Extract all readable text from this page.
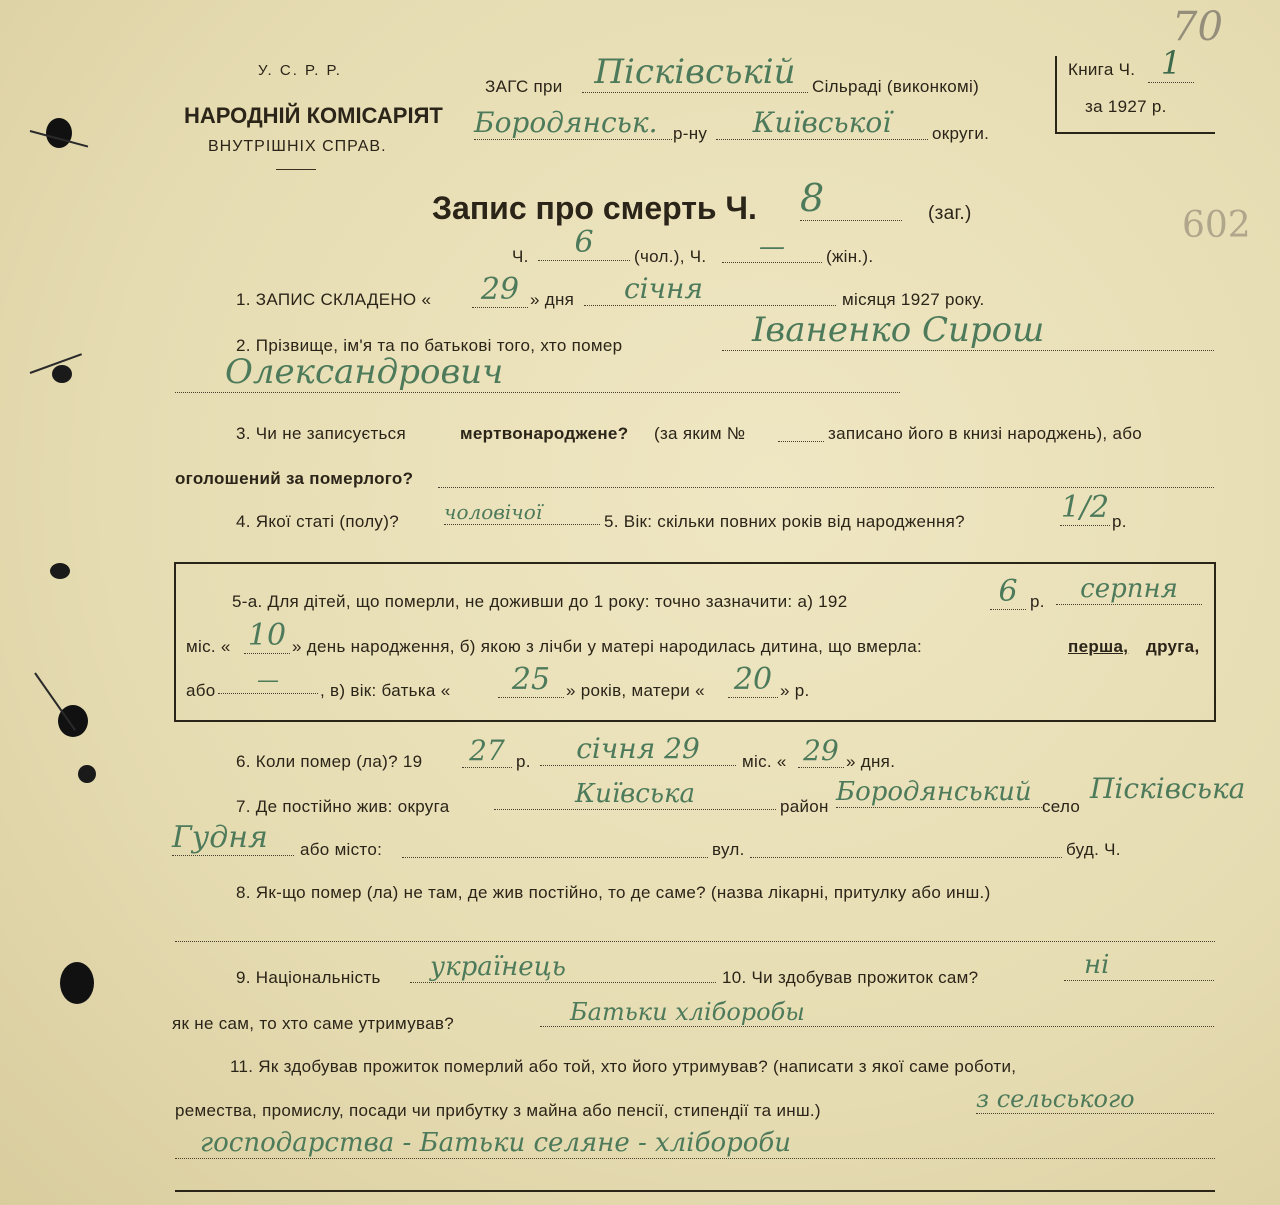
У. С. Р. Р.
НАРОДНІЙ КОМІСАРІЯТ
ВНУТРІШНІХ СПРАВ.
ЗАГС при Пісківській Сільраді (виконкомі)
Бородянськ. р-ну	Київської	округи.
Книга Ч. 1
за 1927 р.
70
602
Запис про смерть Ч. 8	(заг.)
Ч.	6	(чол.), Ч.	—	(жін.).
1. ЗАПИС СКЛАДЕНО « 29 » дня	січня	місяця 1927 року.
2. Прізвище, ім'я та по батькові того, хто помер	Іваненко Сирош
Олександрович
3. Чи не записується	мертвонароджене? (за яким №	записано його в книзі народжень), або
оголошений за померлого?
4. Якої статі (полу)? чоловічої	5. Вік: скільки повних років від народження?	1/2 р.
5-а. Для дітей, що померли, не доживши до 1 року: точно зазначити: а) 192	6 р.	серпня
міс. « 10 » день народження, б) якою з лічби у матері народилась дитина, що вмерла:	перша, друга,
або	—	, в) вік: батька «	25 » років, матери « 20 » р.
6. Коли помер (ла)? 19 27 р.	січня 29	міс. « 29 » дня.
7. Де постійно жив: округа	Київська	район Бородянський село
Пісківська
Гудня	або місто:	вул.	буд. Ч.
8. Як-що помер (ла) не там, де жив постійно, то де саме? (назва лікарні, притулку або инш.)
9. Національність	українець	10. Чи здобував прожиток сам?	ні
як не сам, то хто саме утримував?	Батьки хліборобы
11. Як здобував прожиток померлий або той, хто його утримував? (написати з якої саме роботи,
ремества, промислу, посади чи прибутку з майна або пенсії, стипендії та инш.)	з сельського
господарства - Батьки селяне - хлібороби
